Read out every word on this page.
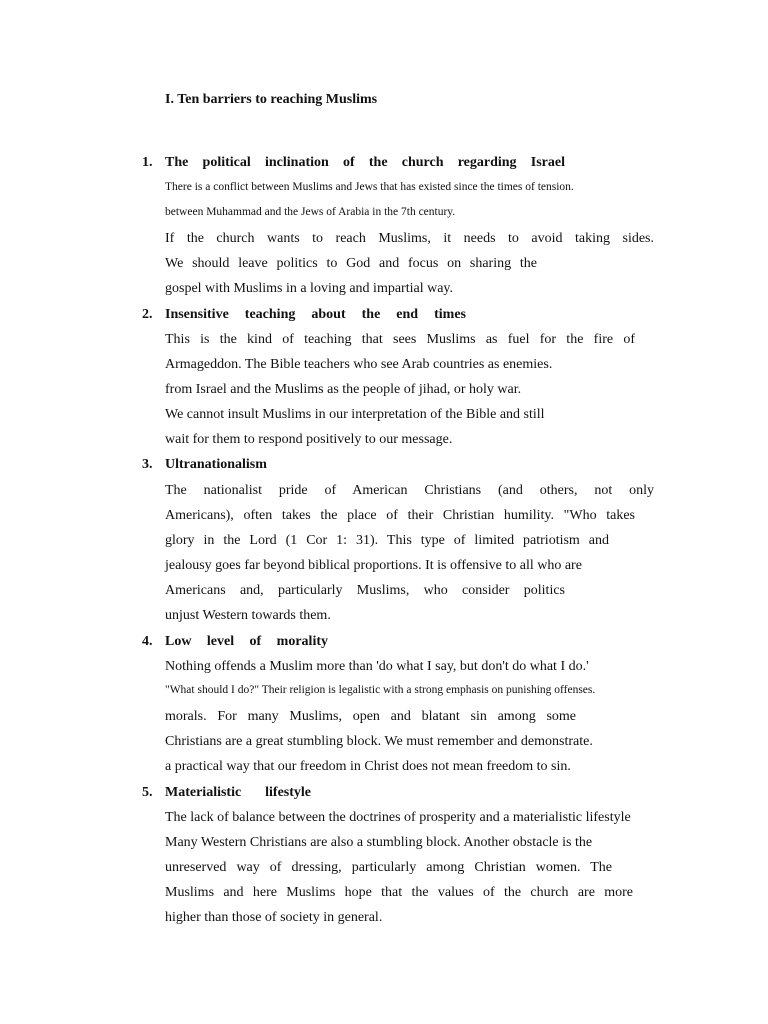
I. Ten barriers to reaching Muslims
1. The political inclination of the church regarding Israel
There is a conflict between Muslims and Jews that has existed since the times of tension.
between Muhammad and the Jews of Arabia in the 7th century.
If the church wants to reach Muslims, it needs to avoid taking sides.
We should leave politics to God and focus on sharing the
gospel with Muslims in a loving and impartial way.
2. Insensitive teaching about the end times
This is the kind of teaching that sees Muslims as fuel for the fire of
Armageddon. The Bible teachers who see Arab countries as enemies.
from Israel and the Muslims as the people of jihad, or holy war.
We cannot insult Muslims in our interpretation of the Bible and still
wait for them to respond positively to our message.
3. Ultranationalism
The nationalist pride of American Christians (and others, not only
Americans), often takes the place of their Christian humility. "Who takes
glory in the Lord (1 Cor 1: 31). This type of limited patriotism and
jealousy goes far beyond biblical proportions. It is offensive to all who are
Americans and, particularly Muslims, who consider politics
unjust Western towards them.
4. Low level of morality
Nothing offends a Muslim more than 'do what I say, but don't do what I do.'
"What should I do?" Their religion is legalistic with a strong emphasis on punishing offenses.
morals. For many Muslims, open and blatant sin among some
Christians are a great stumbling block. We must remember and demonstrate.
a practical way that our freedom in Christ does not mean freedom to sin.
5. Materialistic lifestyle
The lack of balance between the doctrines of prosperity and a materialistic lifestyle
Many Western Christians are also a stumbling block. Another obstacle is the
unreserved way of dressing, particularly among Christian women. The
Muslims and here Muslims hope that the values of the church are more
higher than those of society in general.
